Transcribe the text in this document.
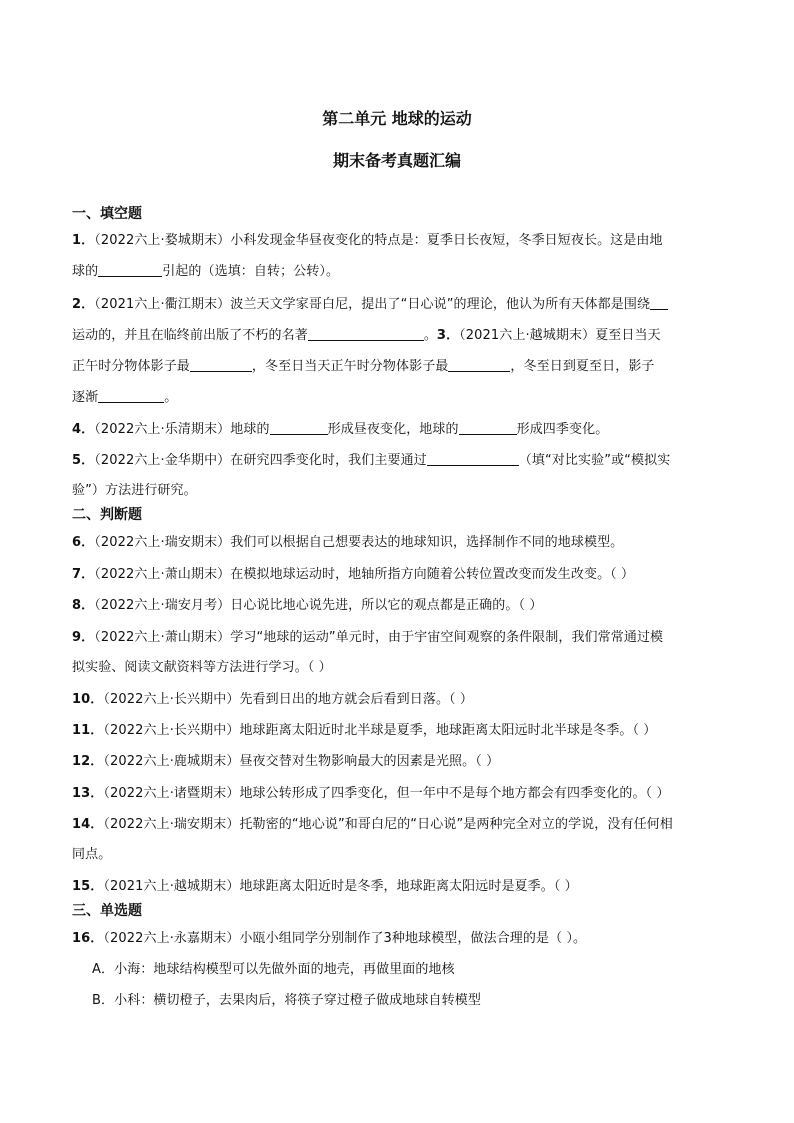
第二单元 地球的运动
期末备考真题汇编
一、填空题
1．（2022六上·婺城期末）小科发现金华昼夜变化的特点是：夏季日长夜短，冬季日短夜长。这是由地
球的	引起的（选填：自转；公转）。
2．（2021六上·衢江期末）波兰天文学家哥白尼，提出了“日心说”的理论，他认为所有天体都是围绕
运动的，并且在临终前出版了不朽的名著	。3．（2021六上·越城期末）夏至日当天
正午时分物体影子最	，冬至日当天正午时分物体影子最	，冬至日到夏至日，影子
逐渐	。
4．（2022六上·乐清期末）地球的	形成昼夜变化，地球的	形成四季变化。
5．（2022六上·金华期中）在研究四季变化时，我们主要通过	（填“对比实验”或“模拟实
验”）方法进行研究。
二、判断题
6．（2022六上·瑞安期末）我们可以根据自己想要表达的地球知识，选择制作不同的地球模型。
7．（2022六上·萧山期末）在模拟地球运动时，地轴所指方向随着公转位置改变而发生改变。（ ）
8．（2022六上·瑞安月考）日心说比地心说先进，所以它的观点都是正确的。（ ）
9．（2022六上·萧山期末）学习“地球的运动”单元时，由于宇宙空间观察的条件限制，我们常常通过模
拟实验、阅读文献资料等方法进行学习。（ ）
10．（2022六上·长兴期中）先看到日出的地方就会后看到日落。（ ）
11．（2022六上·长兴期中）地球距离太阳近时北半球是夏季，地球距离太阳远时北半球是冬季。（ ）
12．（2022六上·鹿城期末）昼夜交替对生物影响最大的因素是光照。（ ）
13．（2022六上·诸暨期末）地球公转形成了四季变化，但一年中不是每个地方都会有四季变化的。（ ）
14．（2022六上·瑞安期末）托勒密的“地心说”和哥白尼的“日心说”是两种完全对立的学说，没有任何相
同点。
15．（2021六上·越城期末）地球距离太阳近时是冬季，地球距离太阳远时是夏季。（ ）
三、单选题
16．（2022六上·永嘉期末）小瓯小组同学分别制作了3种地球模型，做法合理的是（ ）。
A．小海：地球结构模型可以先做外面的地壳，再做里面的地核
B．小科：横切橙子，去果肉后，将筷子穿过橙子做成地球自转模型
